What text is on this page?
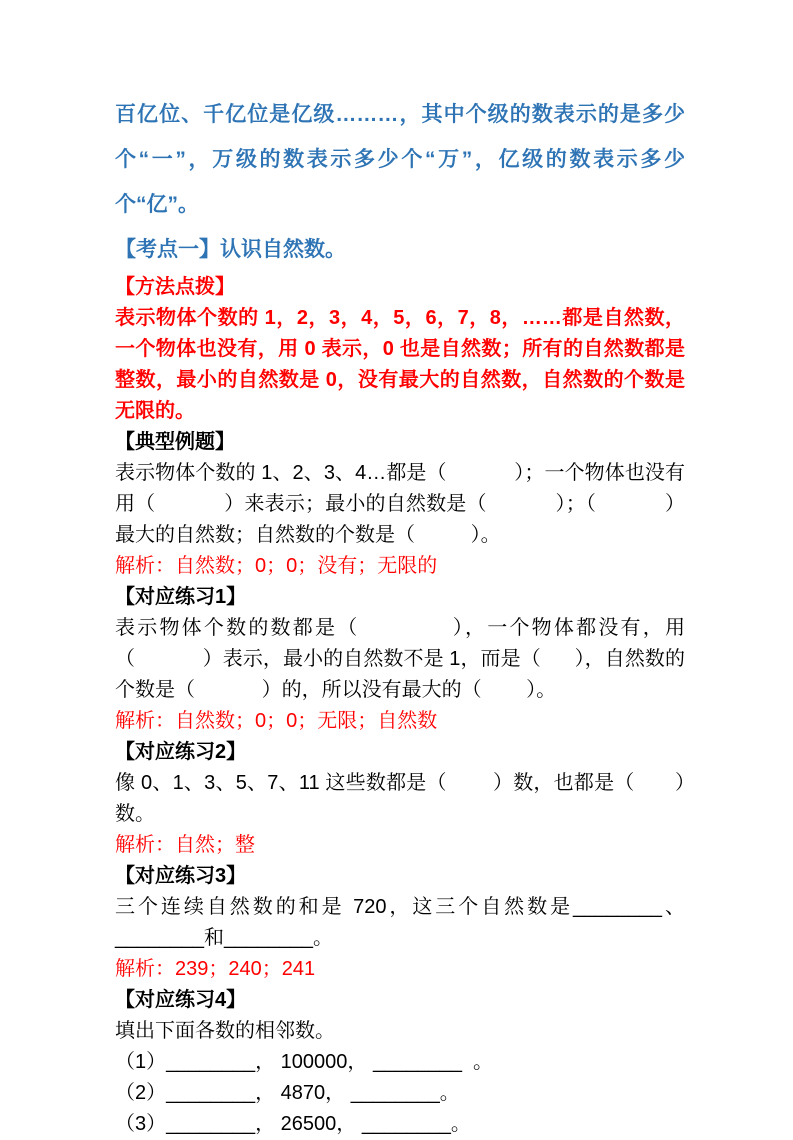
百亿位、千亿位是亿级………，其中个级的数表示的是多少个“一”，万级的数表示多少个“万”，亿级的数表示多少个“亿”。

【考点一】认识自然数。

【方法点拨】

表示物体个数的 1，2，3，4，5，6，7，8，……都是自然数，一个物体也没有，用 0 表示，0 也是自然数；所有的自然数都是整数，最小的自然数是 0，没有最大的自然数，自然数的个数是无限的。

【典型例题】

表示物体个数的 1、2、3、4…都是（            ）；一个物体也没有用（            ）来表示；最小的自然数是（            ）；（            ）最大的自然数；自然数的个数是（          ）。

解析：自然数；0；0；没有；无限的

【对应练习1】

表示物体个数的数都是（            ），一个物体都没有，用（            ）表示，最小的自然数不是 1，而是（      ），自然数的个数是（            ）的，所以没有最大的（        ）。

解析：自然数；0；0；无限；自然数

【对应练习2】

像 0、1、3、5、7、11 这些数都是（        ）数，也都是（       ）数。

解析：自然；整

【对应练习3】

三个连续自然数的和是 720，这三个自然数是________、________和________。

解析：239；240；241

【对应练习4】

填出下面各数的相邻数。

（1）________， 100000， ________  。

（2）________， 4870， ________。

（3）________， 26500， ________。
